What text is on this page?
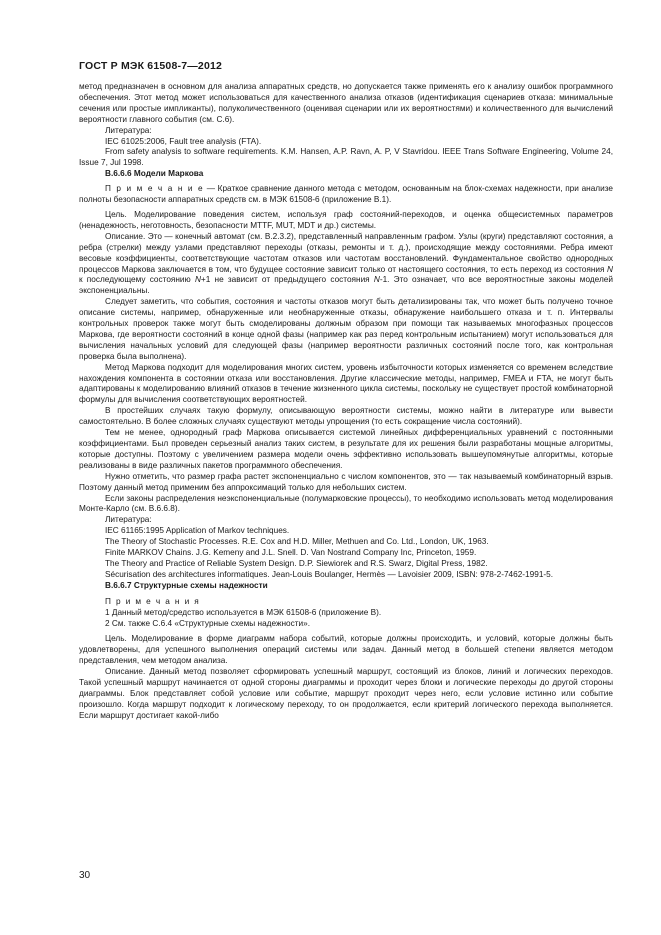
ГОСТ Р МЭК 61508-7—2012

метод предназначен в основном для анализа аппаратных средств, но допускается также применять его к анализу ошибок программного обеспечения. Этот метод может использоваться для качественного анализа отказов (идентификация сценариев отказа: минимальные сечения или простые импликанты), полуколичественного (оценивая сценарии или их вероятностями) и количественного для вычислений вероятности главного события (см. С.6).

Литература:

IEC 61025:2006, Fault tree analysis (FTA).

From safety analysis to software requirements. K.M. Hansen, A.P. Ravn, A. P, V Stavridou. IEEE Trans Software Engineering, Volume 24, Issue 7, Jul 1998.

B.6.6.6 Модели Маркова

П р и м е ч а н и е — Краткое сравнение данного метода с методом, основанным на блок-схемах надежности, при анализе полноты безопасности аппаратных средств см. в МЭК 61508-6 (приложение В.1).

Цель. Моделирование поведения систем, используя граф состояний-переходов, и оценка общесистемных параметров (ненадежность, неготовность, безопасности MTTF, MUT, MDT и др.) системы.

Описание. Это — конечный автомат (см. В.2.3.2), представленный направленным графом. Узлы (круги) представляют состояния, а ребра (стрелки) между узлами представляют переходы (отказы, ремонты и т. д.), происходящие между состояниями. Ребра имеют весовые коэффициенты, соответствующие частотам отказов или частотам восстановлений. Фундаментальное свойство однородных процессов Маркова заключается в том, что будущее состояние зависит только от настоящего состояния, то есть переход из состояния N к последующему состоянию N+1 не зависит от предыдущего состояния N-1. Это означает, что все вероятностные законы моделей экспоненциальны.

Следует заметить, что события, состояния и частоты отказов могут быть детализированы так, что может быть получено точное описание системы, например, обнаруженные или необнаруженные отказы, обнаружение наибольшего отказа и т. п. Интервалы контрольных проверок также могут быть смоделированы должным образом при помощи так называемых многофазных процессов Маркова, где вероятности состояний в конце одной фазы (например как раз перед контрольным испытанием) могут использоваться для вычисления начальных условий для следующей фазы (например вероятности различных состояний после того, как контрольная проверка была выполнена).

Метод Маркова подходит для моделирования многих систем, уровень избыточности которых изменяется со временем вследствие нахождения компонента в состоянии отказа или восстановления. Другие классические методы, например, FMEA и FTA, не могут быть адаптированы к моделированию влияний отказов в течение жизненного цикла системы, поскольку не существует простой комбинаторной формулы для вычисления соответствующих вероятностей.

В простейших случаях такую формулу, описывающую вероятности системы, можно найти в литературе или вывести самостоятельно. В более сложных случаях существуют методы упрощения (то есть сокращение числа состояний).

Тем не менее, однородный граф Маркова описывается системой линейных дифференциальных уравнений с постоянными коэффициентами. Был проведен серьезный анализ таких систем, в результате для их решения были разработаны мощные алгоритмы, которые доступны. Поэтому с увеличением размера модели очень эффективно использовать вышеупомянутые алгоритмы, которые реализованы в виде различных пакетов программного обеспечения.

Нужно отметить, что размер графа растет экспоненциально с числом компонентов, это — так называемый комбинаторный взрыв. Поэтому данный метод применим без аппроксимаций только для небольших систем.

Если законы распределения неэкспоненциальные (полумарковские процессы), то необходимо использовать метод моделирования Монте-Карло (см. В.6.6.8).

Литература:

IEC 61165:1995 Application of Markov techniques.

The Theory of Stochastic Processes. R.E. Cox and H.D. Miller, Methuen and Co. Ltd., London, UK, 1963.

Finite MARKOV Chains. J.G. Kemeny and J.L. Snell. D. Van Nostrand Company Inc, Princeton, 1959.

The Theory and Practice of Reliable System Design. D.P. Siewiorek and R.S. Swarz, Digital Press, 1982.

Sécurisation des architectures informatiques. Jean-Louis Boulanger, Hermès — Lavoisier 2009, ISBN: 978-2-7462-1991-5.

B.6.6.7 Структурные схемы надежности

П р и м е ч а н и я

1 Данный метод/средство используется в МЭК 61508-6 (приложение В).

2 См. также С.6.4 «Структурные схемы надежности».

Цель. Моделирование в форме диаграмм набора событий, которые должны происходить, и условий, которые должны быть удовлетворены, для успешного выполнения операций системы или задач. Данный метод в большей степени является методом представления, чем методом анализа.

Описание. Данный метод позволяет сформировать успешный маршрут, состоящий из блоков, линий и логических переходов. Такой успешный маршрут начинается от одной стороны диаграммы и проходит через блоки и логические переходы до другой стороны диаграммы. Блок представляет собой условие или событие, маршрут проходит через него, если условие истинно или событие произошло. Когда маршрут подходит к логическому переходу, то он продолжается, если критерий логического перехода выполняется. Если маршрут достигает какой-либо

30
